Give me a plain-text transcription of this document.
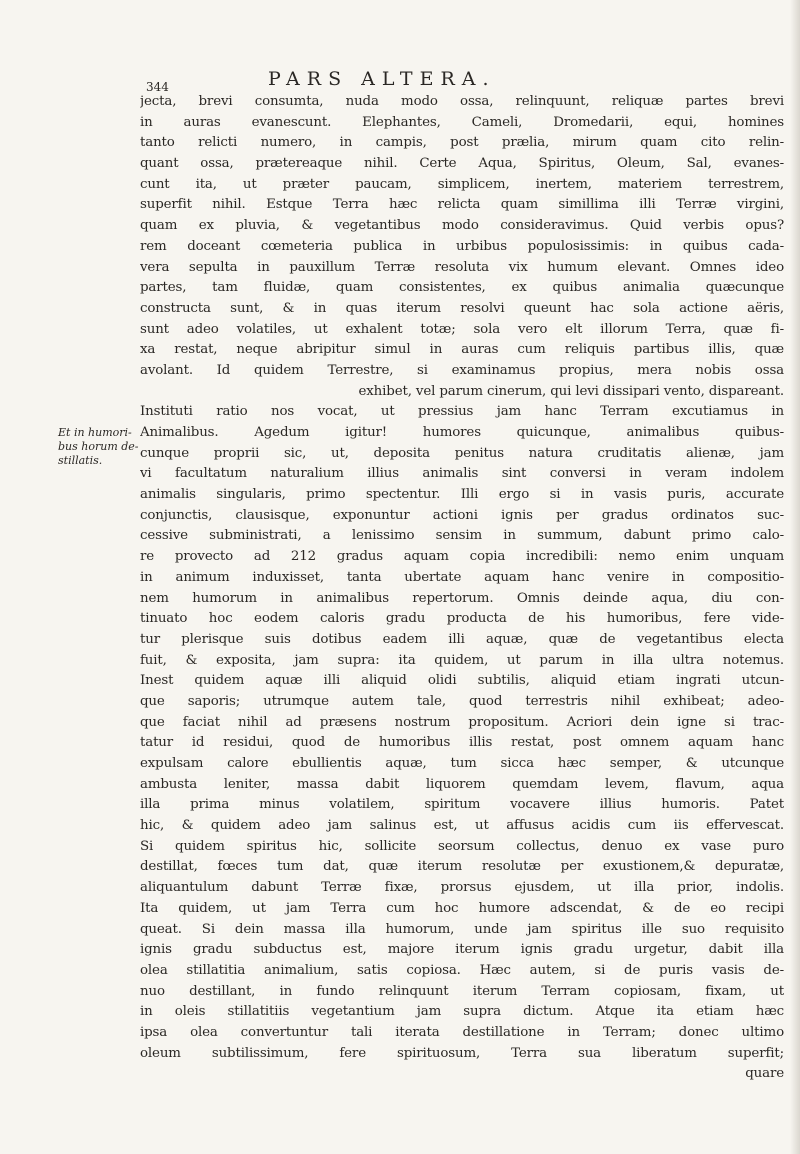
344	PARS ALTERA.
Et in humori-
bus horum de-
stillatis.
jecta, brevi consumta, nuda modo ossa, relinquunt, reliquæ partes brevi
in auras evanescunt. Elephantes, Cameli, Dromedarii, equi, homines
tanto relicti numero, in campis, post prælia, mirum quam cito relin-
quant ossa, prætereaque nihil. Certe Aqua, Spiritus, Oleum, Sal, evanes-
cunt ita, ut præter paucam, simplicem, inertem, materiem terrestrem,
superfit nihil. Estque Terra hæc relicta quam simillima illi Terræ virgini,
quam ex pluvia, & vegetantibus modo consideravimus. Quid verbis opus?
rem doceant cœmeteria publica in urbibus populosissimis: in quibus cada-
vera sepulta in pauxillum Terræ resoluta vix humum elevant. Omnes ideo
partes, tam fluidæ, quam consistentes, ex quibus animalia quæcunque
constructa sunt, & in quas iterum resolvi queunt hac sola actione aëris,
sunt adeo volatiles, ut exhalent totæ; sola vero elt illorum Terra, quæ fi-
xa restat, neque abripitur simul in auras cum reliquis partibus illis, quæ
avolant. Id quidem Terrestre, si examinamus propius, mera nobis ossa
exhibet, vel parum cinerum, qui levi dissipari vento, dispareant.
Instituti ratio nos vocat, ut pressius jam hanc Terram excutiamus in
Animalibus. Agedum igitur! humores quicunque, animalibus quibus-
cunque proprii sic, ut, deposita penitus natura cruditatis alienæ, jam
vi facultatum naturalium illius animalis sint conversi in veram indolem
animalis singularis, primo spectentur. Illi ergo si in vasis puris, accurate
conjunctis, clausisque, exponuntur actioni ignis per gradus ordinatos suc-
cessive subministrati, a lenissimo sensim in summum, dabunt primo calo-
re provecto ad 212 gradus aquam copia incredibili: nemo enim unquam
in animum induxisset, tanta ubertate aquam hanc venire in compositio-
nem humorum in animalibus repertorum. Omnis deinde aqua, diu con-
tinuato hoc eodem caloris gradu producta de his humoribus, fere vide-
tur plerisque suis dotibus eadem illi aquæ, quæ de vegetantibus electa
fuit, & exposita, jam supra: ita quidem, ut parum in illa ultra notemus.
Inest quidem aquæ illi aliquid olidi subtilis, aliquid etiam ingrati utcun-
que saporis; utrumque autem tale, quod terrestris nihil exhibeat; adeo-
que faciat nihil ad præsens nostrum propositum. Acriori dein igne si trac-
tatur id residui, quod de humoribus illis restat, post omnem aquam hanc
expulsam calore ebullientis aquæ, tum sicca hæc semper, & utcunque
ambusta leniter, massa dabit liquorem quemdam levem, flavum, aqua
illa prima minus volatilem, spiritum vocavere illius humoris. Patet
hic, & quidem adeo jam salinus est, ut affusus acidis cum iis effervescat.
Si quidem spiritus hic, sollicite seorsum collectus, denuo ex vase puro
destillat, fœces tum dat, quæ iterum resolutæ per exustionem,& depuratæ,
aliquantulum dabunt Terræ fixæ, prorsus ejusdem, ut illa prior, indolis.
Ita quidem, ut jam Terra cum hoc humore adscendat, & de eo recipi
queat. Si dein massa illa humorum, unde jam spiritus ille suo requisito
ignis gradu subductus est, majore iterum ignis gradu urgetur, dabit illa
olea stillatitia animalium, satis copiosa. Hæc autem, si de puris vasis de-
nuo destillant, in fundo relinquunt iterum Terram copiosam, fixam, ut
in oleis stillatitiis vegetantium jam supra dictum. Atque ita etiam hæc
ipsa olea convertuntur tali iterata destillatione in Terram; donec ultimo
oleum subtilissimum, fere spirituosum, Terra sua liberatum superfit;
quare
